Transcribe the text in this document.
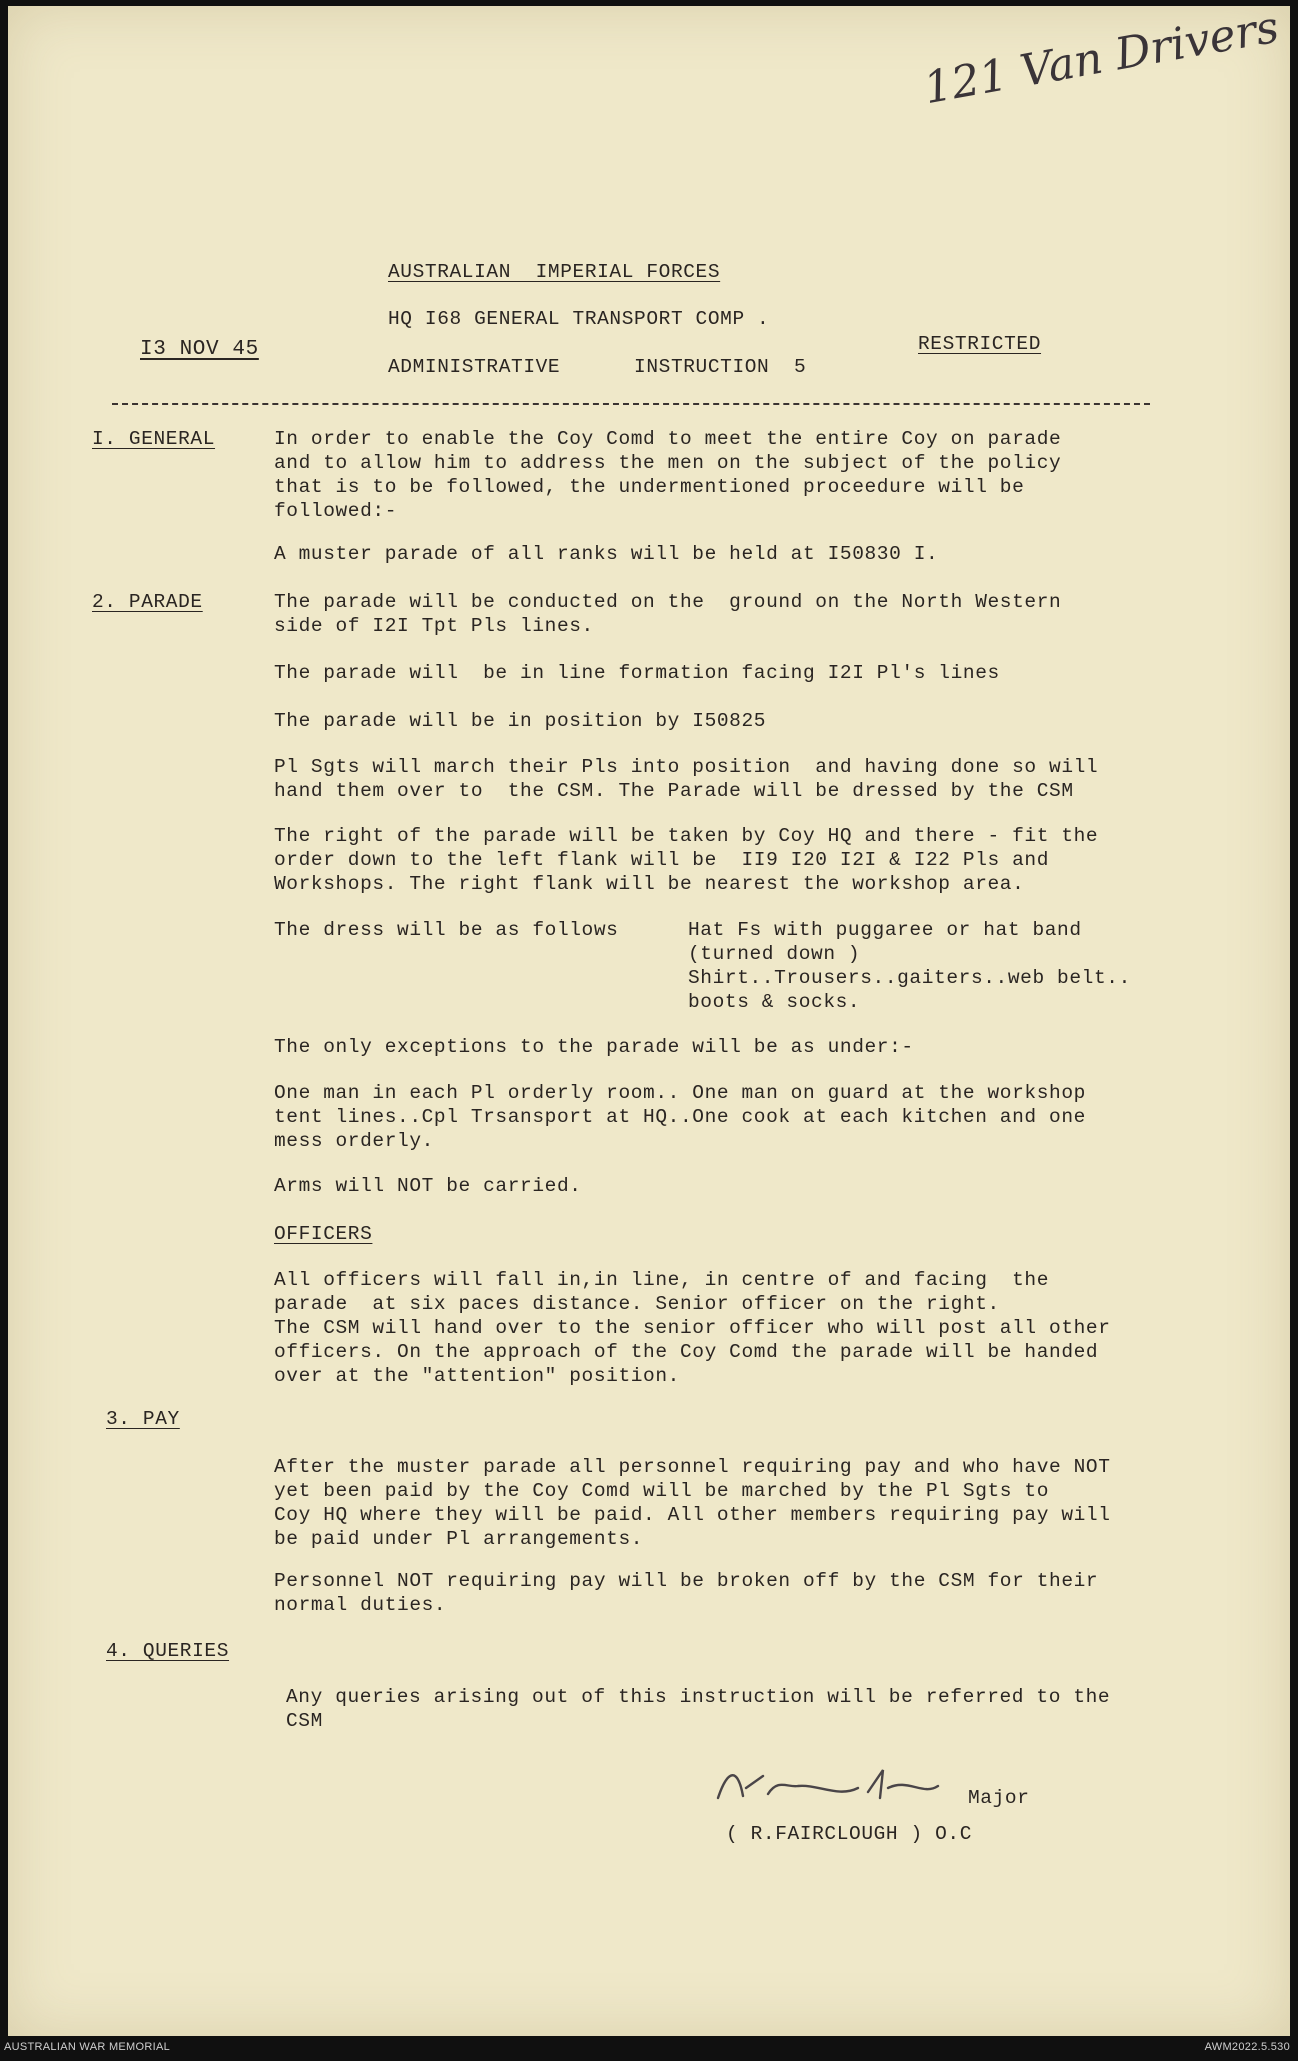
121 Van Drivers
AUSTRALIAN  IMPERIAL FORCES
HQ I68 GENERAL TRANSPORT COMP .
ADMINISTRATIVE      INSTRUCTION  5
I3 NOV 45	RESTRICTED
I. GENERAL	In order to enable the Coy Comd to meet the entire Coy on parade
and to allow him to address the men on the subject of the policy
that is to be followed, the undermentioned proceedure will be
followed:-
A muster parade of all ranks will be held at I50830 I.
2. PARADE	The parade will be conducted on the  ground on the North Western
side of I2I Tpt Pls lines.
The parade will  be in line formation facing I2I Pl's lines
The parade will be in position by I50825
Pl Sgts will march their Pls into position  and having done so will
hand them over to  the CSM. The Parade will be dressed by the CSM
The right of the parade will be taken by Coy HQ and there - fit the
order down to the left flank will be  II9 I20 I2I & I22 Pls and
Workshops. The right flank will be nearest the workshop area.
The dress will be as follows	Hat Fs with puggaree or hat band
(turned down )
Shirt..Trousers..gaiters..web belt..
boots & socks.
The only exceptions to the parade will be as under:-
One man in each Pl orderly room.. One man on guard at the workshop
tent lines..Cpl Trsansport at HQ..One cook at each kitchen and one
mess orderly.
Arms will NOT be carried.
OFFICERS
All officers will fall in,in line, in centre of and facing  the
parade  at six paces distance. Senior officer on the right.
The CSM will hand over to the senior officer who will post all other
officers. On the approach of the Coy Comd the parade will be handed
over at the "attention" position.
3. PAY
After the muster parade all personnel requiring pay and who have NOT
yet been paid by the Coy Comd will be marched by the Pl Sgts to
Coy HQ where they will be paid. All other members requiring pay will
be paid under Pl arrangements.
Personnel NOT requiring pay will be broken off by the CSM for their
normal duties.
4. QUERIES
Any queries arising out of this instruction will be referred to the
CSM
Major
( R.FAIRCLOUGH ) O.C
AUSTRALIAN WAR MEMORIAL	AWM2022.5.530
